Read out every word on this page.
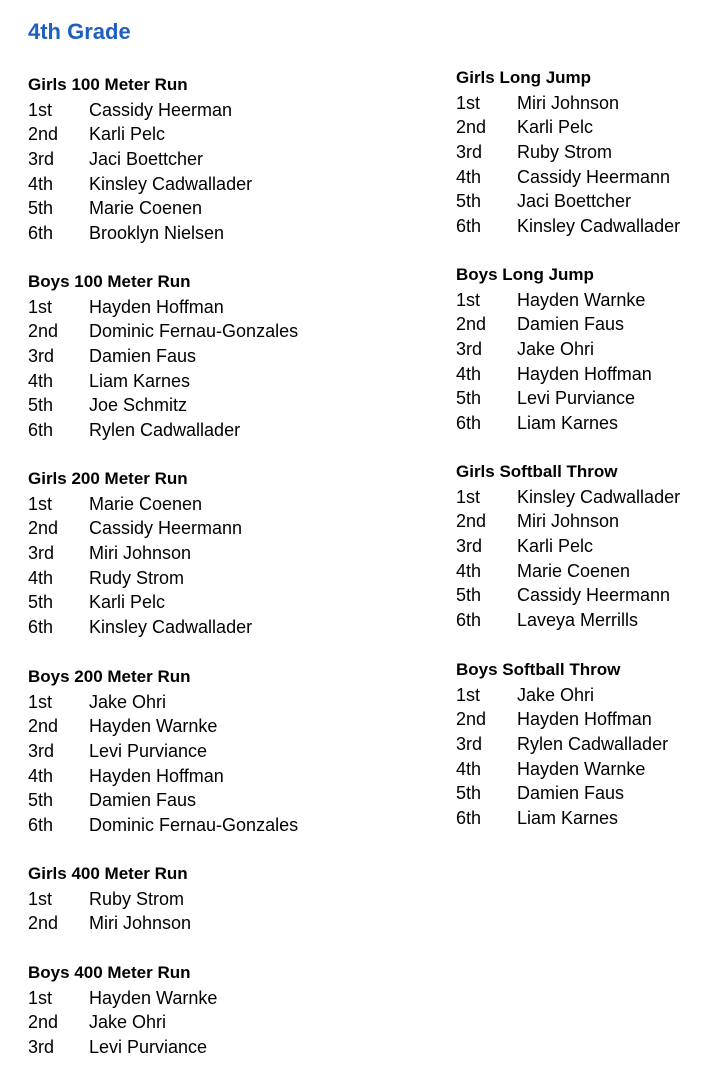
4th Grade
Girls 100 Meter Run
1st	Cassidy Heerman
2nd	Karli Pelc
3rd	Jaci Boettcher
4th	Kinsley Cadwallader
5th	Marie Coenen
6th	Brooklyn Nielsen
Boys 100 Meter Run
1st	Hayden Hoffman
2nd	Dominic Fernau-Gonzales
3rd	Damien Faus
4th	Liam Karnes
5th	Joe Schmitz
6th	Rylen Cadwallader
Girls 200 Meter Run
1st	Marie Coenen
2nd	Cassidy Heermann
3rd	Miri Johnson
4th	Rudy Strom
5th	Karli Pelc
6th	Kinsley Cadwallader
Boys 200 Meter Run
1st	Jake Ohri
2nd	Hayden Warnke
3rd	Levi Purviance
4th	Hayden Hoffman
5th	Damien Faus
6th	Dominic Fernau-Gonzales
Girls 400 Meter Run
1st	Ruby Strom
2nd	Miri Johnson
Boys 400 Meter Run
1st	Hayden Warnke
2nd	Jake Ohri
3rd	Levi Purviance
Girls Long Jump
1st	Miri Johnson
2nd	Karli Pelc
3rd	Ruby Strom
4th	Cassidy Heermann
5th	Jaci Boettcher
6th	Kinsley Cadwallader
Boys Long Jump
1st	Hayden Warnke
2nd	Damien Faus
3rd	Jake Ohri
4th	Hayden Hoffman
5th	Levi Purviance
6th	Liam Karnes
Girls Softball Throw
1st	Kinsley Cadwallader
2nd	Miri Johnson
3rd	Karli Pelc
4th	Marie Coenen
5th	Cassidy Heermann
6th	Laveya Merrills
Boys Softball Throw
1st	Jake Ohri
2nd	Hayden Hoffman
3rd	Rylen Cadwallader
4th	Hayden Warnke
5th	Damien Faus
6th	Liam Karnes
